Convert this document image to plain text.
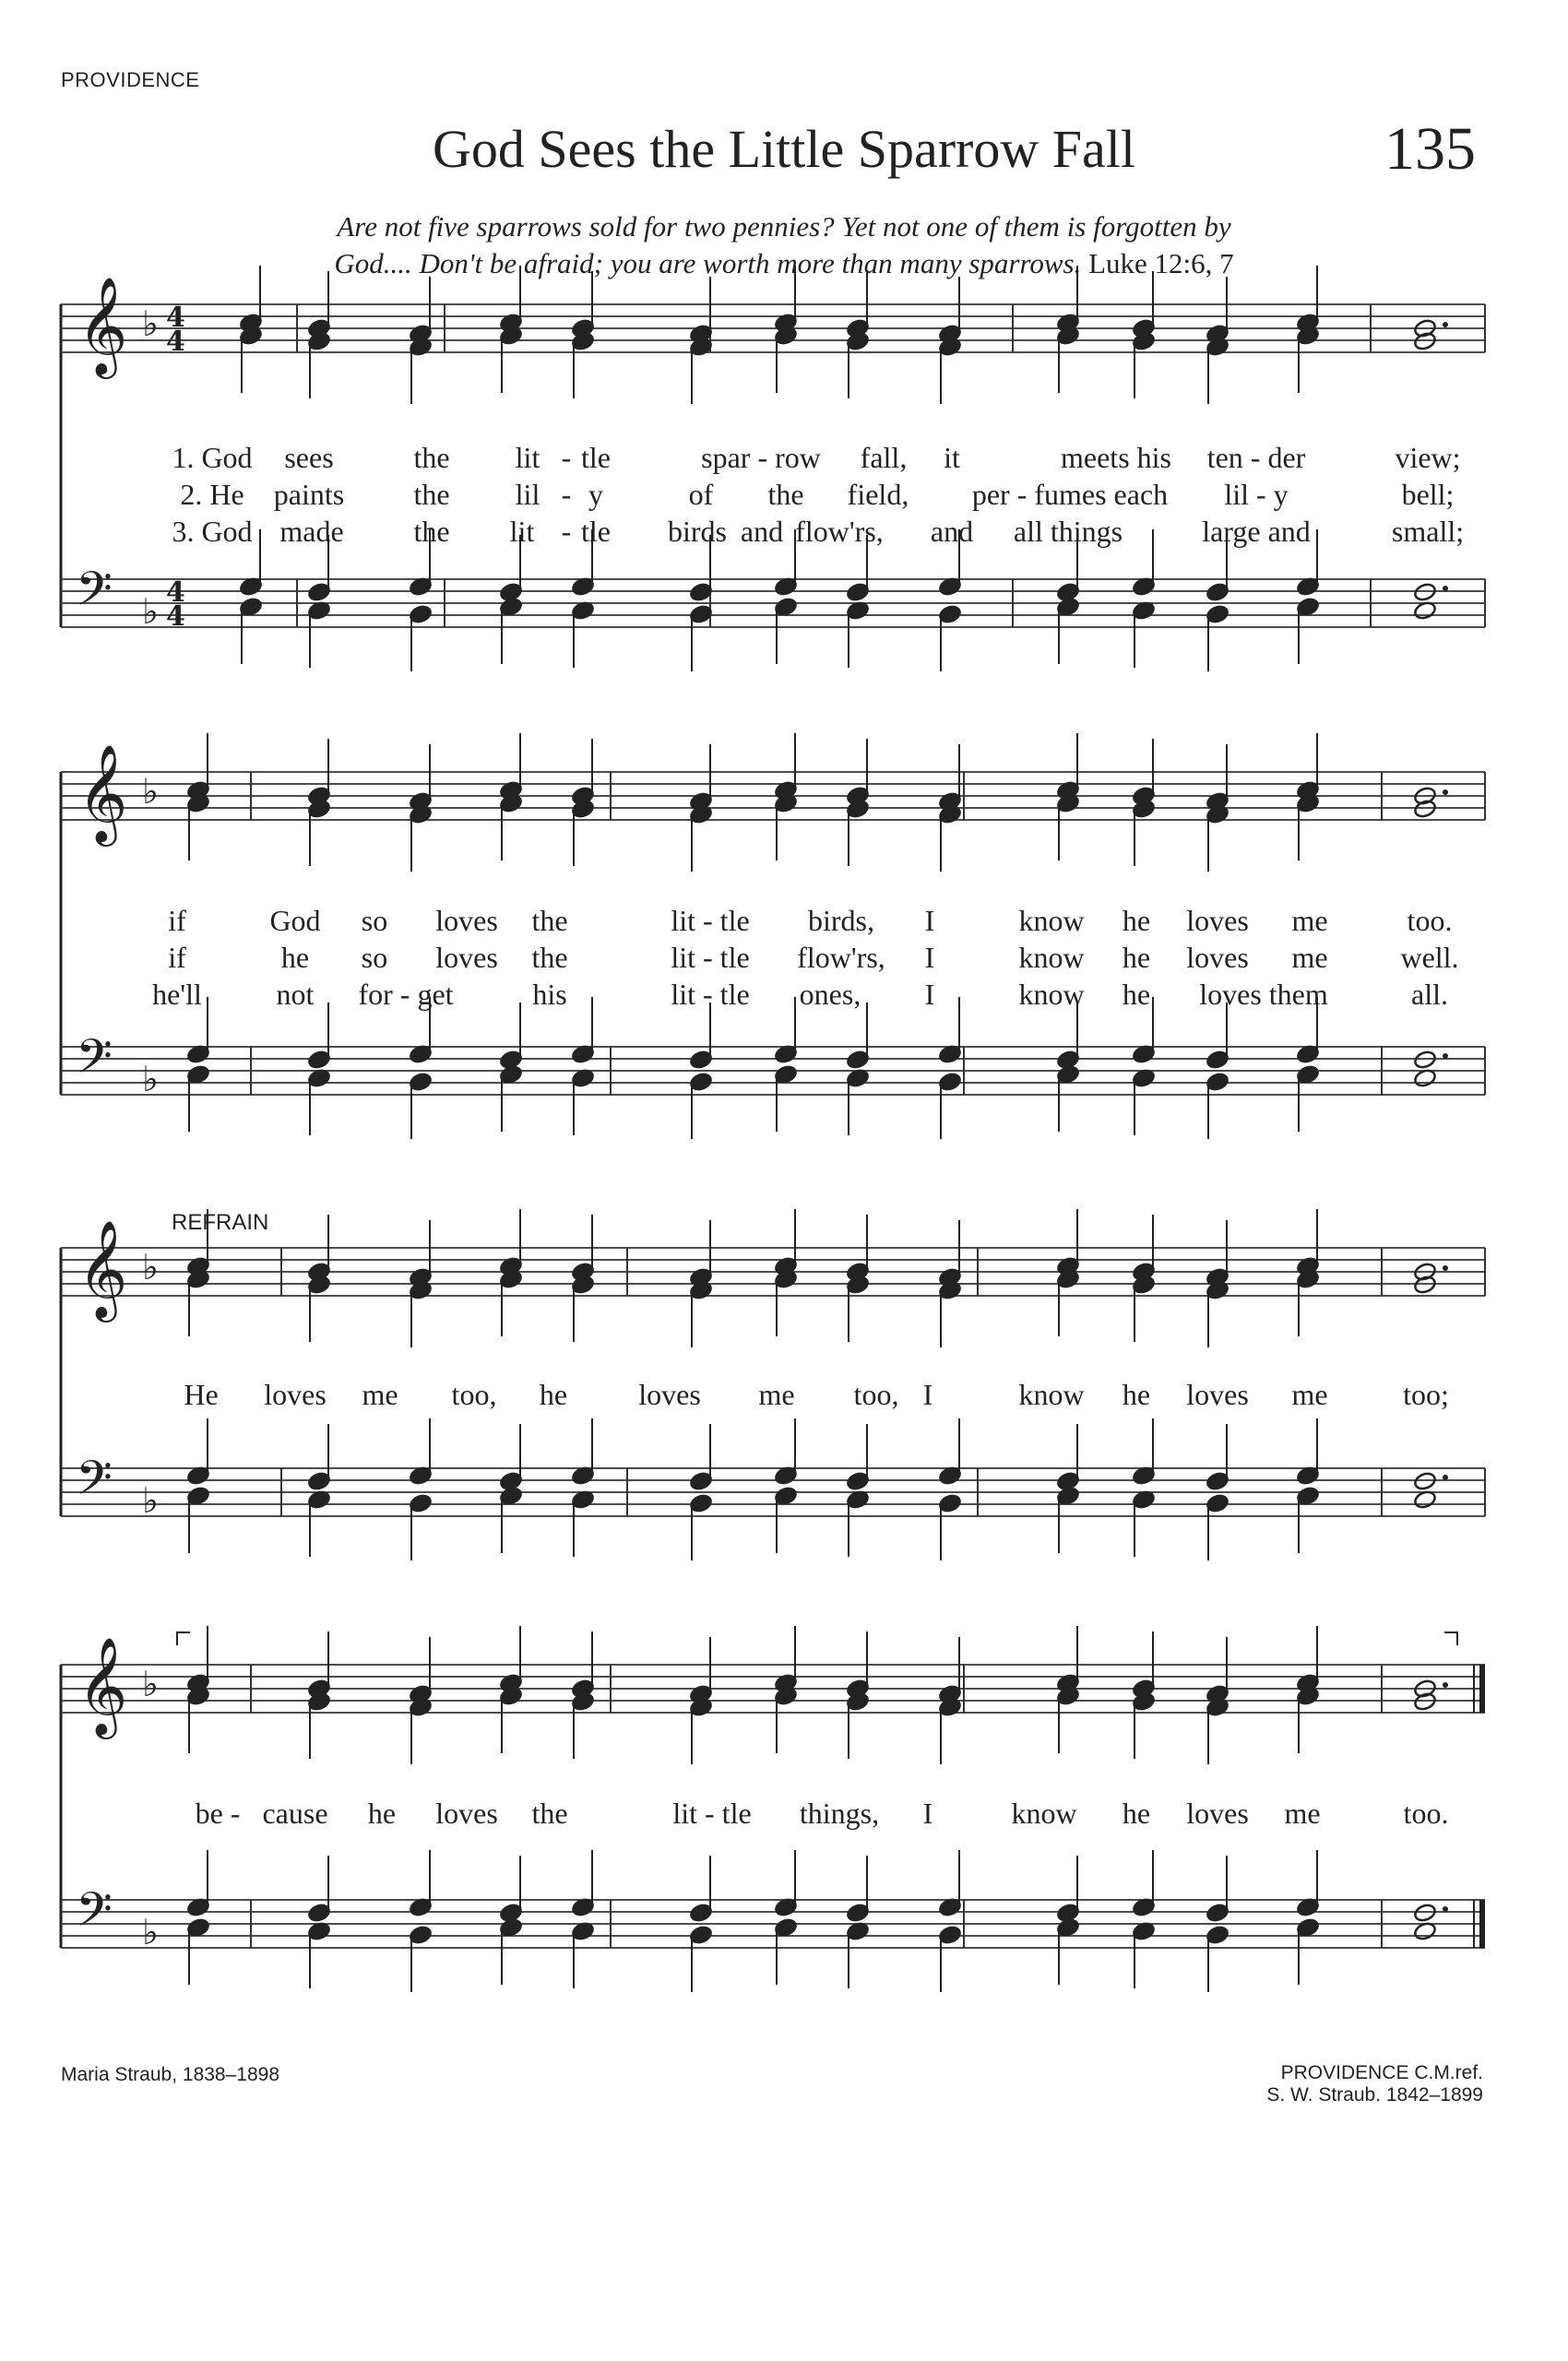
PROVIDENCE
God Sees the Little Sparrow Fall	135
Are not five sparrows sold for two pennies? Yet not one of them is forgotten by
God.... Don't be afraid; you are worth more than many sparrows. Luke 12:6, 7
𝄞 ♭ 4
4
𝄢 ♭ 4
4
𝄞 ♭
𝄢 ♭
𝄞 ♭
𝄢 ♭
𝄞 ♭
𝄢 ♭
1. God sees	the lit - tle	spar - row fall, it	meets his ten - der	view;
2. He paints the lil - y	of the field, per - fumes each lil - y	bell;
3. God made the lit - tle birds and flow'rs, and all things	large and	small;
if	God so loves the	lit - tle birds, I	know he loves me	too.
if	he so loves the	lit - tle flow'rs, I	know he loves me well.
he'll	not for - get	his	lit - tle ones, I	know he loves them	all.
He loves me too, he loves me too, I	know he loves me	too;
be - cause he loves the	lit - tle things, I	know he loves me	too.
REFRAIN
Maria Straub, 1838–1898	PROVIDENCE C.M.ref.
S. W. Straub. 1842–1899
